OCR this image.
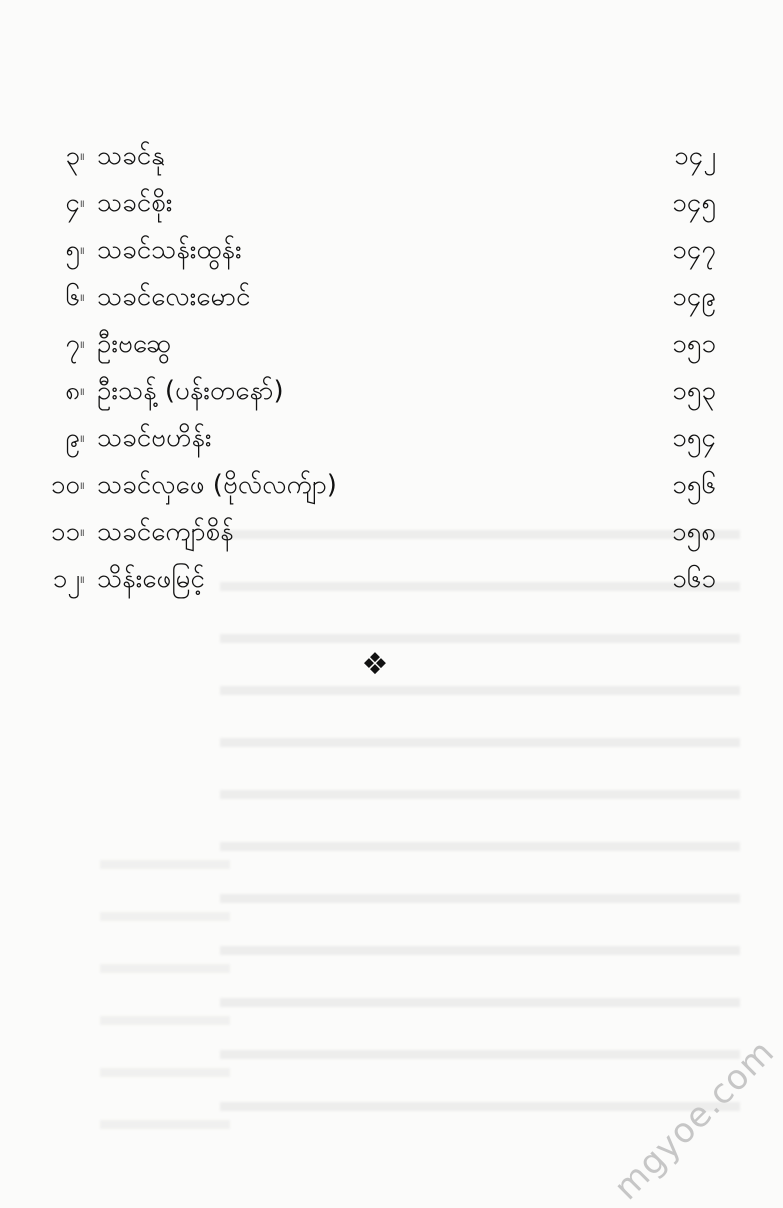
၃ ။ သခင်နု	၁၄၂
၄ ။ သခင်စိုး	၁၄၅
၅ ။ သခင်သန်းထွန်း	၁၄၇
၆ ။ သခင်လေးမောင်	၁၄၉
၇ ။ ဦးဗဆွေ	၁၅၁
၈ ။ ဦးသန့် (ပန်းတနော်)	၁၅၃
၉ ။ သခင်ဗဟိန်း	၁၅၄
၁၀ ။ သခင်လှဖေ (ဗိုလ်လက်ျာ)	၁၅၆
၁၁ ။ သခင်ကျော်စိန်	၁၅၈
၁၂ ။ သိန်းဖေမြင့်	၁၆၁
❖
mgyoe.com
